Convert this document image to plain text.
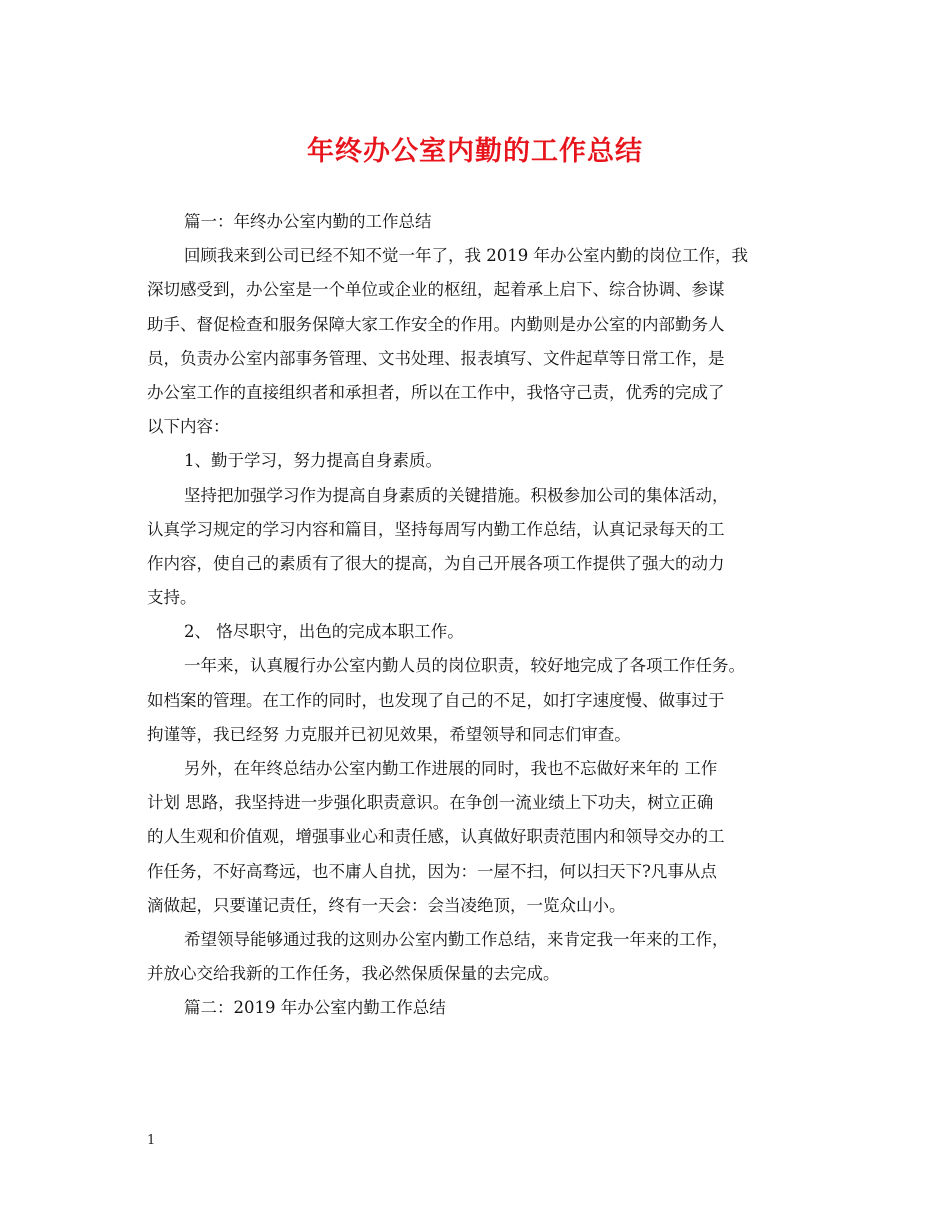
年终办公室内勤的工作总结
篇一：年终办公室内勤的工作总结
回顾我来到公司已经不知不觉一年了，我 2019 年办公室内勤的岗位工作，我
深切感受到，办公室是一个单位或企业的枢纽，起着承上启下、综合协调、参谋
助手、督促检查和服务保障大家工作安全的作用。内勤则是办公室的内部勤务人
员，负责办公室内部事务管理、文书处理、报表填写、文件起草等日常工作，是
办公室工作的直接组织者和承担者，所以在工作中，我恪守己责，优秀的完成了
以下内容：
1、勤于学习，努力提高自身素质。
坚持把加强学习作为提高自身素质的关键措施。积极参加公司的集体活动，
认真学习规定的学习内容和篇目，坚持每周写内勤工作总结，认真记录每天的工
作内容，使自己的素质有了很大的提高，为自己开展各项工作提供了强大的动力
支持。
2、 恪尽职守，出色的完成本职工作。
一年来，认真履行办公室内勤人员的岗位职责，较好地完成了各项工作任务。
如档案的管理。在工作的同时，也发现了自己的不足，如打字速度慢、做事过于
拘谨等，我已经努 力克服并已初见效果，希望领导和同志们审查。
另外，在年终总结办公室内勤工作进展的同时，我也不忘做好来年的 工作
计划 思路，我坚持进一步强化职责意识。在争创一流业绩上下功夫，树立正确
的人生观和价值观，增强事业心和责任感，认真做好职责范围内和领导交办的工
作任务，不好高骛远，也不庸人自扰，因为：一屋不扫，何以扫天下?凡事从点
滴做起，只要谨记责任，终有一天会：会当凌绝顶，一览众山小。
希望领导能够通过我的这则办公室内勤工作总结，来肯定我一年来的工作，
并放心交给我新的工作任务，我必然保质保量的去完成。
篇二：2019 年办公室内勤工作总结
1
